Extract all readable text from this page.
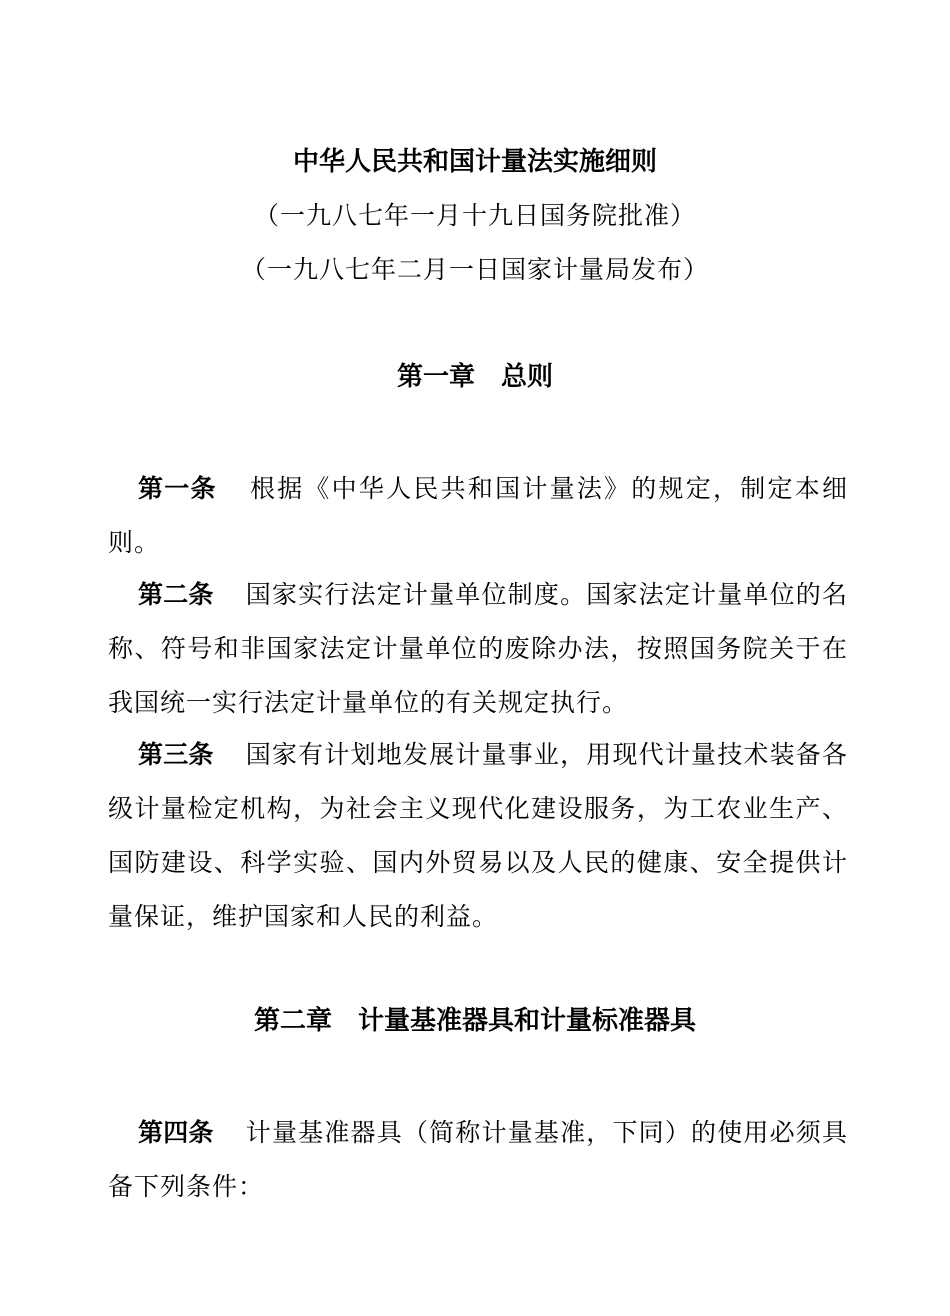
中华人民共和国计量法实施细则
（一九八七年一月十九日国务院批准）
（一九八七年二月一日国家计量局发布）
第一章 总则
第一条 根据《中华人民共和国计量法》的规定，制定本细则。
第二条 国家实行法定计量单位制度。国家法定计量单位的名称、符号和非国家法定计量单位的废除办法，按照国务院关于在我国统一实行法定计量单位的有关规定执行。
第三条 国家有计划地发展计量事业，用现代计量技术装备各级计量检定机构，为社会主义现代化建设服务，为工农业生产、国防建设、科学实验、国内外贸易以及人民的健康、安全提供计量保证，维护国家和人民的利益。
第二章 计量基准器具和计量标准器具
第四条 计量基准器具（简称计量基准，下同）的使用必须具备下列条件：
